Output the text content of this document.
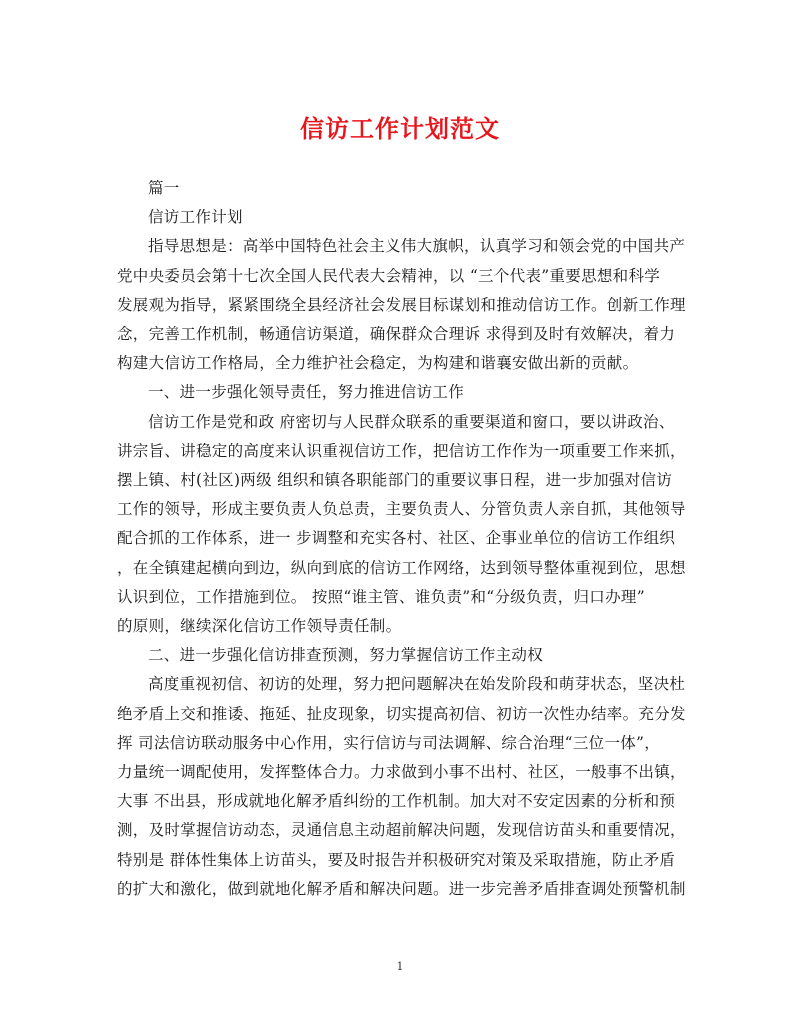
信访工作计划范文

篇一

信访工作计划

指导思想是：高举中国特色社会主义伟大旗帜，认真学习和领会党的中国共产
党中央委员会第十七次全国人民代表大会精神，以 “三个代表”重要思想和科学
发展观为指导，紧紧围绕全县经济社会发展目标谋划和推动信访工作。创新工作理
念，完善工作机制，畅通信访渠道，确保群众合理诉 求得到及时有效解决，着力
构建大信访工作格局，全力维护社会稳定，为构建和谐襄安做出新的贡献。

一、进一步强化领导责任，努力推进信访工作

信访工作是党和政 府密切与人民群众联系的重要渠道和窗口，要以讲政治、
讲宗旨、讲稳定的高度来认识重视信访工作，把信访工作作为一项重要工作来抓，
摆上镇、村(社区)两级 组织和镇各职能部门的重要议事日程，进一步加强对信访
工作的领导，形成主要负责人负总责，主要负责人、分管负责人亲自抓，其他领导
配合抓的工作体系，进一 步调整和充实各村、社区、企事业单位的信访工作组织
，在全镇建起横向到边，纵向到底的信访工作网络，达到领导整体重视到位，思想
认识到位，工作措施到位。 按照“谁主管、谁负责”和“分级负责，归口办理”
的原则，继续深化信访工作领导责任制。

二、进一步强化信访排查预测，努力掌握信访工作主动权

高度重视初信、初访的处理，努力把问题解决在始发阶段和萌芽状态，坚决杜
绝矛盾上交和推诿、拖延、扯皮现象，切实提高初信、初访一次性办结率。充分发
挥 司法信访联动服务中心作用，实行信访与司法调解、综合治理“三位一体”，
力量统一调配使用，发挥整体合力。力求做到小事不出村、社区，一般事不出镇，
大事 不出县，形成就地化解矛盾纠纷的工作机制。加大对不安定因素的分析和预
测，及时掌握信访动态，灵通信息主动超前解决问题，发现信访苗头和重要情况，
特别是 群体性集体上访苗头，要及时报告并积极研究对策及采取措施，防止矛盾
的扩大和激化，做到就地化解矛盾和解决问题。进一步完善矛盾排查调处预警机制

1
